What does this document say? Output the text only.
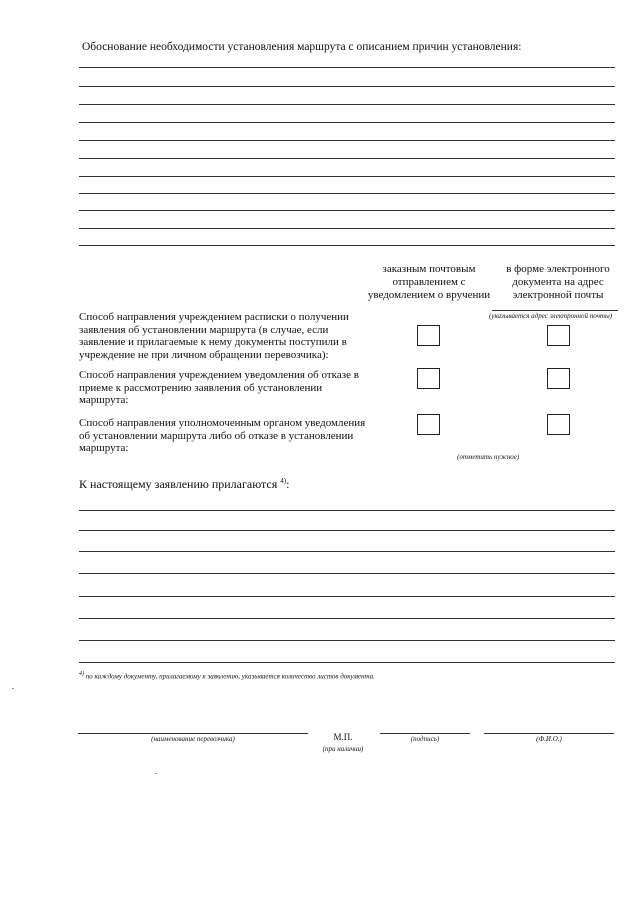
Обоснование необходимости установления маршрута с описанием причин установления:
заказным почтовым отправлением с уведомлением о вручении
в форме электронного документа на адрес электронной почты
(указывается адрес электронной почты)
Способ направления учреждением расписки о получении заявления об установлении маршрута (в случае, если заявление и прилагаемые к нему документы поступили в учреждение не при личном обращении перевозчика):
Способ направления учреждением уведомления об отказе в приеме к рассмотрению заявления об установлении маршрута:
Способ направления уполномоченным органом уведомления об установлении маршрута либо об отказе в установлении маршрута:
(отметить нужное)
К настоящему заявлению прилагаются $^{4)}$:
$^{4)}$ по каждому документу, прилагаемому к заявлению, указывается количество листов документа.
(наименование перевозчика)	М.П.
(при наличии)
(подпись)	(Ф.И.О.)
